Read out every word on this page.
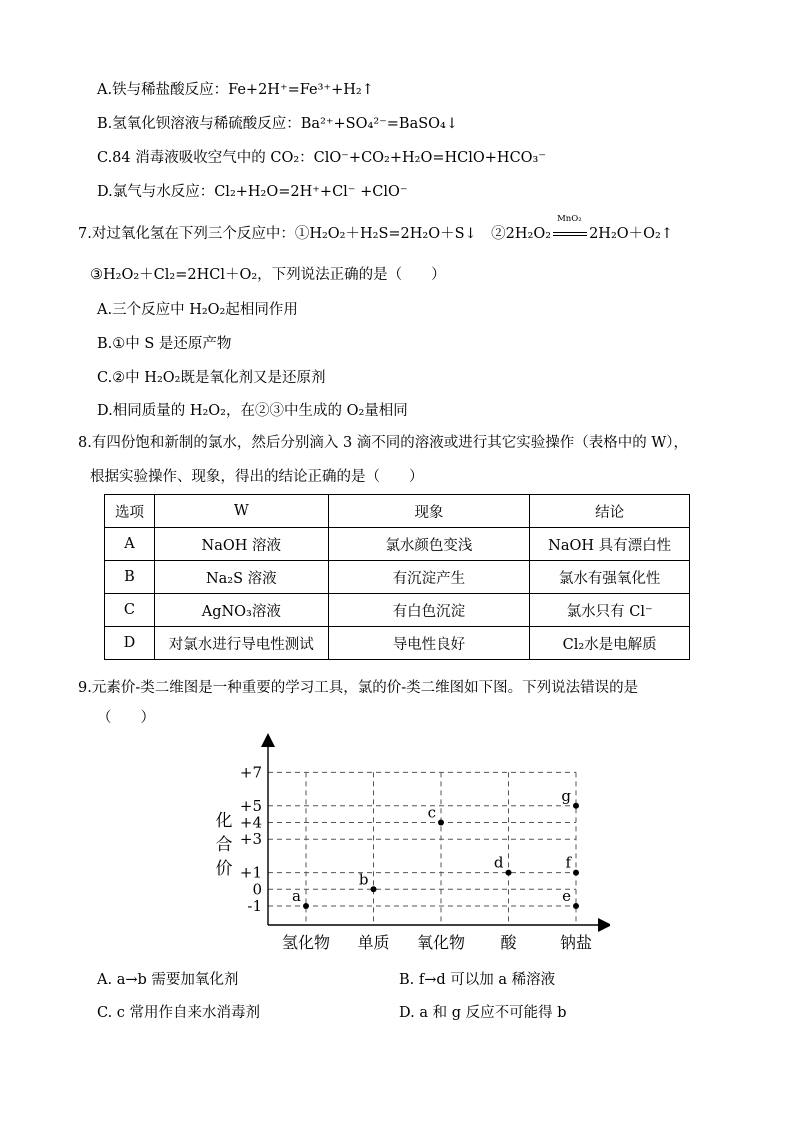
A.铁与稀盐酸反应：Fe+2H⁺=Fe³⁺+H₂↑
B.氢氧化钡溶液与稀硫酸反应：Ba²⁺+SO₄²⁻=BaSO₄↓
C.84 消毒液吸收空气中的 CO₂：ClO⁻+CO₂+H₂O=HClO+HCO₃⁻
D.氯气与水反应：Cl₂+H₂O=2H⁺+Cl⁻ +ClO⁻
7.对过氧化氢在下列三个反应中：①H₂O₂＋H₂S=2H₂O＋S↓　②2H₂O₂
MnO₂
2H₂O＋O₂↑
③H₂O₂＋Cl₂=2HCl＋O₂，下列说法正确的是（　　）
A.三个反应中 H₂O₂起相同作用
B.①中 S 是还原产物
C.②中 H₂O₂既是氧化剂又是还原剂
D.相同质量的 H₂O₂，在②③中生成的 O₂量相同
8.有四份饱和新制的氯水，然后分别滴入 3 滴不同的溶液或进行其它实验操作（表格中的 W），
根据实验操作、现象，得出的结论正确的是（　　）
选项	W	现象	结论
A	NaOH 溶液	氯水颜色变浅	NaOH 具有漂白性
B	Na₂S 溶液	有沉淀产生	氯水有强氧化性
C	AgNO₃溶液	有白色沉淀	氯水只有 Cl⁻
D	对氯水进行导电性测试	导电性良好	Cl₂水是电解质
9.元素价-类二维图是一种重要的学习工具，氯的价-类二维图如下图。下列说法错误的是
（　　）
化
合
价
+7
+5
+4
+3
+1
0
-1
氢化物 单质 氧化物 酸	钠盐
a
b
c
d
e
f
g
A. a→b 需要加氧化剂	B. f→d 可以加 a 稀溶液
C. c 常用作自来水消毒剂	D. a 和 g 反应不可能得 b
